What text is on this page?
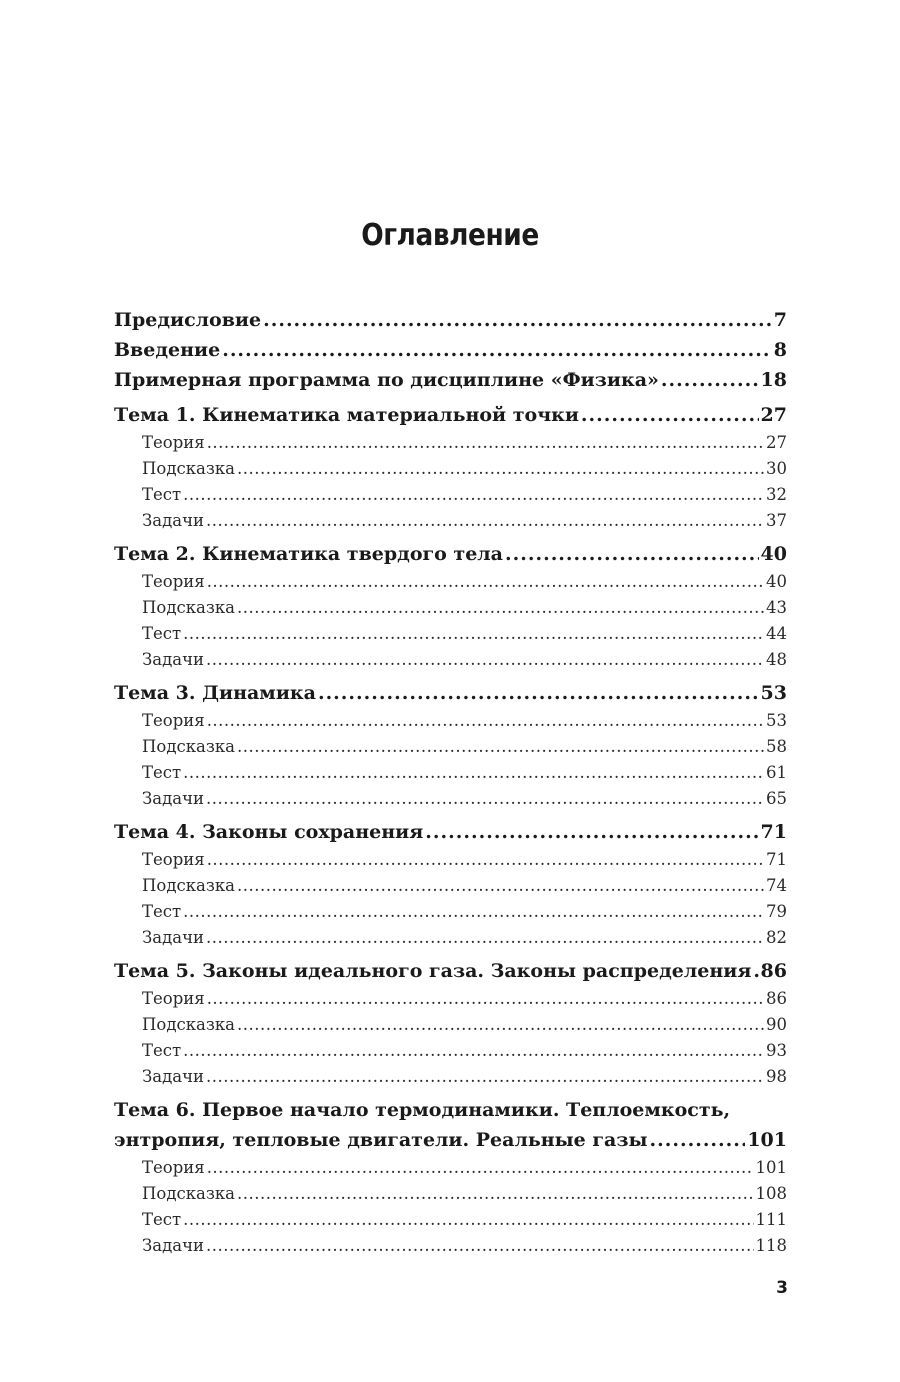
Оглавление
Предисловие .....	7
Введение .....	8
Примерная программа по дисциплине «Физика» .....	18
Тема 1. Кинематика материальной точки .....	27
Теория .....	27
Подсказка .....	30
Тест .....	32
Задачи .....	37
Тема 2. Кинематика твердого тела .....	40
Теория .....	40
Подсказка .....	43
Тест .....	44
Задачи .....	48
Тема 3. Динамика .....	53
Теория .....	53
Подсказка .....	58
Тест .....	61
Задачи .....	65
Тема 4. Законы сохранения .....	71
Теория .....	71
Подсказка .....	74
Тест .....	79
Задачи .....	82
Тема 5. Законы идеального газа. Законы распределения ..... 86
Теория .....	86
Подсказка .....	90
Тест .....	93
Задачи .....	98
Тема 6. Первое начало термодинамики. Теплоемкость,
энтропия, тепловые двигатели. Реальные газы .....	101
Теория .....	101
Подсказка .....	108
Тест .....	111
Задачи .....	118
3
